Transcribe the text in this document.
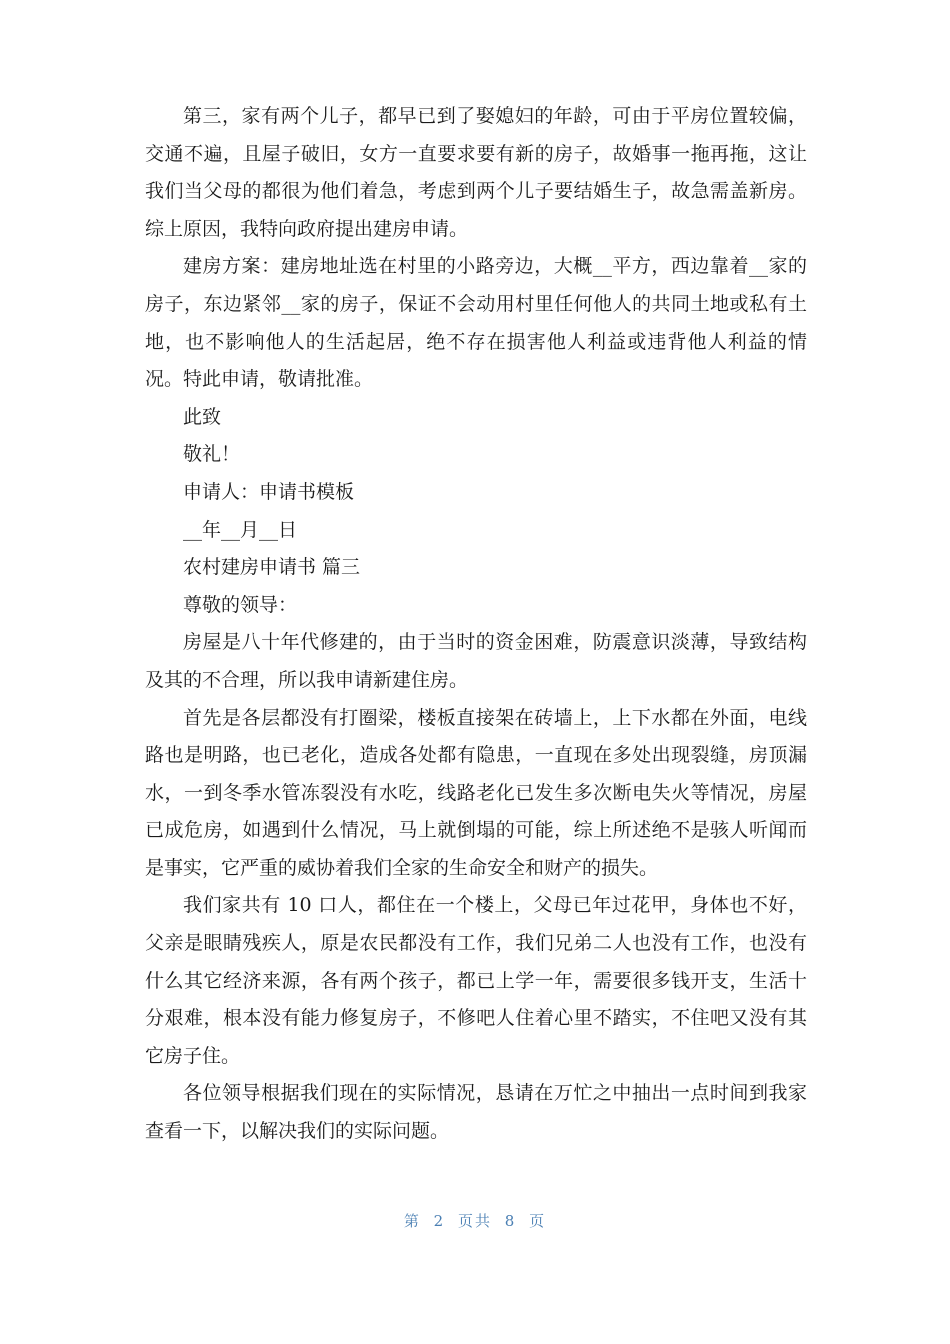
第三，家有两个儿子，都早已到了娶媳妇的年龄，可由于平房位置较偏，交通不遍，且屋子破旧，女方一直要求要有新的房子，故婚事一拖再拖，这让我们当父母的都很为他们着急，考虑到两个儿子要结婚生子，故急需盖新房。综上原因，我特向政府提出建房申请。

建房方案：建房地址选在村里的小路旁边，大概__平方，西边靠着__家的房子，东边紧邻__家的房子，保证不会动用村里任何他人的共同土地或私有土地，也不影响他人的生活起居，绝不存在损害他人利益或违背他人利益的情况。特此申请，敬请批准。

此致

敬礼！

申请人：申请书模板

__年__月__日

农村建房申请书 篇三

尊敬的领导：

房屋是八十年代修建的，由于当时的资金困难，防震意识淡薄，导致结构及其的不合理，所以我申请新建住房。

首先是各层都没有打圈梁，楼板直接架在砖墙上，上下水都在外面，电线路也是明路，也已老化，造成各处都有隐患，一直现在多处出现裂缝，房顶漏水，一到冬季水管冻裂没有水吃，线路老化已发生多次断电失火等情况，房屋已成危房，如遇到什么情况，马上就倒塌的可能，综上所述绝不是骇人听闻而是事实，它严重的威协着我们全家的生命安全和财产的损失。

我们家共有 10 口人，都住在一个楼上，父母已年过花甲，身体也不好，父亲是眼睛残疾人，原是农民都没有工作，我们兄弟二人也没有工作，也没有什么其它经济来源，各有两个孩子，都已上学一年，需要很多钱开支，生活十分艰难，根本没有能力修复房子，不修吧人住着心里不踏实，不住吧又没有其它房子住。

各位领导根据我们现在的实际情况，恳请在万忙之中抽出一点时间到我家查看一下，以解决我们的实际问题。

第 2 页共 8 页
